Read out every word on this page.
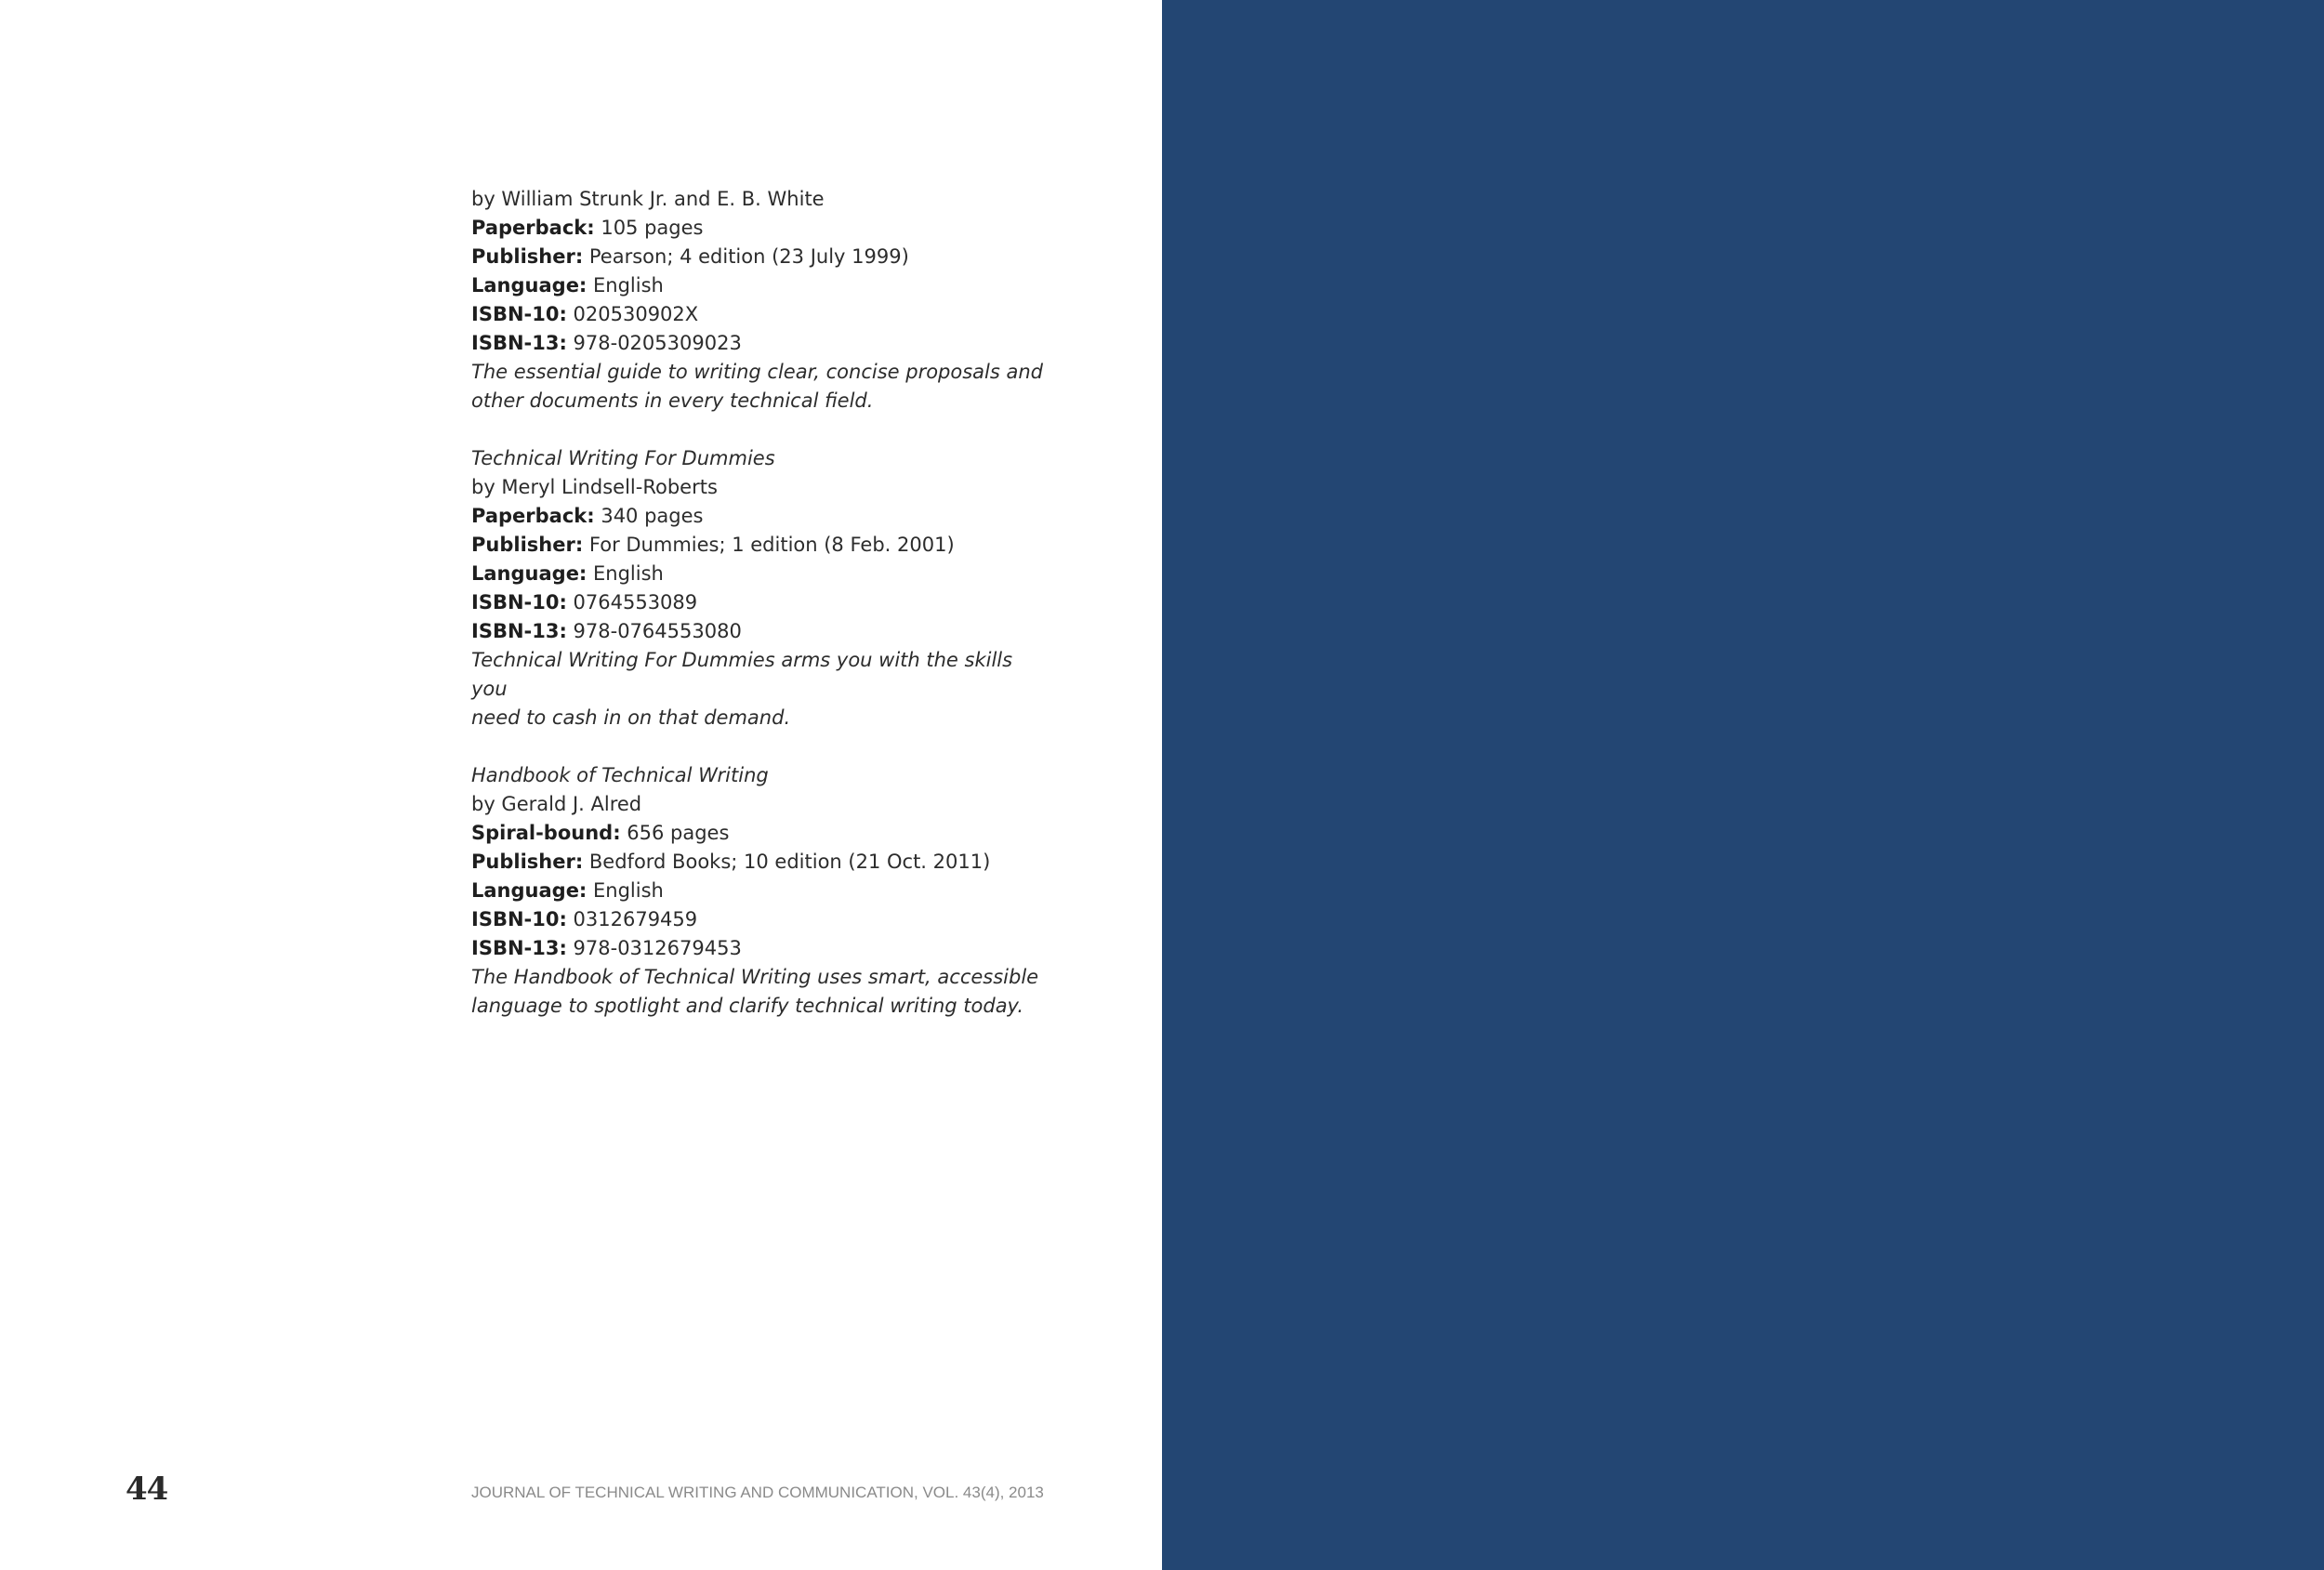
by William Strunk Jr. and E. B. White
Paperback: 105 pages
Publisher: Pearson; 4 edition (23 July 1999)
Language: English
ISBN-10: 020530902X
ISBN-13: 978-0205309023
The essential guide to writing clear, concise proposals and
other documents in every technical field.
Technical Writing For Dummies
by Meryl Lindsell-Roberts
Paperback: 340 pages
Publisher: For Dummies; 1 edition (8 Feb. 2001)
Language: English
ISBN-10: 0764553089
ISBN-13: 978-0764553080
Technical Writing For Dummies arms you with the skills you
need to cash in on that demand.
Handbook of Technical Writing
by Gerald J. Alred
Spiral-bound: 656 pages
Publisher: Bedford Books; 10 edition (21 Oct. 2011)
Language: English
ISBN-10: 0312679459
ISBN-13: 978-0312679453
The Handbook of Technical Writing uses smart, accessible
language to spotlight and clarify technical writing today.
44	JOURNAL OF TECHNICAL WRITING AND COMMUNICATION, VOL. 43(4), 2013
